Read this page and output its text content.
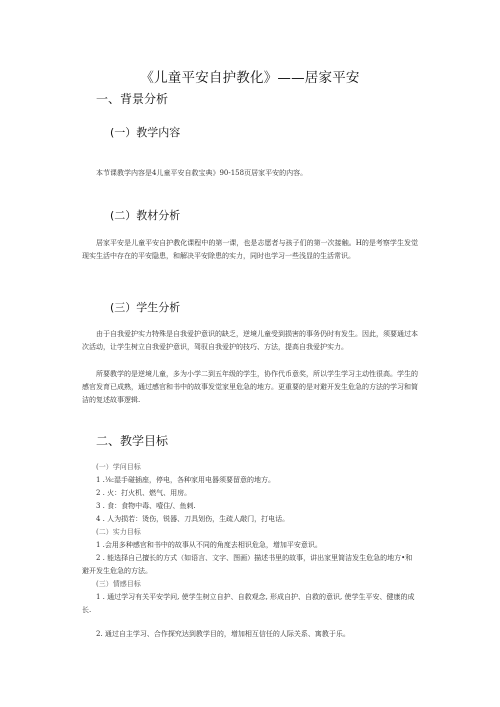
《儿童平安自护教化》——居家平安
一、背景分析
(一）教学内容
本节课教学内容是4儿童平安自救宝典》90-158页居家平安的内容。
(二）教材分析
居家平安是儿童平安自护教化课程中的第一课，也是志愿者与孩子们的第一次接触。H的是考察学生发觉现实生活中存在的平安隐患，和解决平安除患的实力，同时也学习一些浅显的生活常识。
(三）学生分析
由于自我爱护实力特殊是自我爱护意识的缺乏，逆境儿童受到损害的事务仍时有发生。因此，须要通过本次活动，让学生树立自我爱护意识，驾驭自我爱护的技巧、方法，提高自我爱护实力。
所要教学的是逆境儿童，多为小学二到五年级的学生，协作代币意奖，所以学生学习主动性很高。学生的感官发育已成熟，通过感官和书中的故事发觉家里危急的地方。更重要的是对避开发生危急的方法的学习和简洁的复述故事逻辑.
二、教学目标
(一）学问目标
1 .⅛:湿手碰插座，停电，各种家用电器须要留意的地方。
2 . 火：打火机、燃气、用房。
3 . 食：食物中毒、噎住/、鱼刺.
4 . 人为损若：烫伤，锐器、刀具划伤，生疏人敲门，打电话。
(二）实力目标
1 .会用多种感官和书中的故事从不同的角度去相识危急，增加平安意识。
2 . 能选择自己擅长的方式（如语言、文字、图画）描述书里的故事，讲出家里简洁发生危急的地方•和避开发生危急的方法。
(三）情感目标
1 . 通过学习有关平安学问, 使学生树立自护、自救观念, 形成自护、自救的意识, 使学生平安、健康的成长.
2. 通过自主学习、合作探究达到教学目的，增加相互信任的人际关系、寓教于乐。
